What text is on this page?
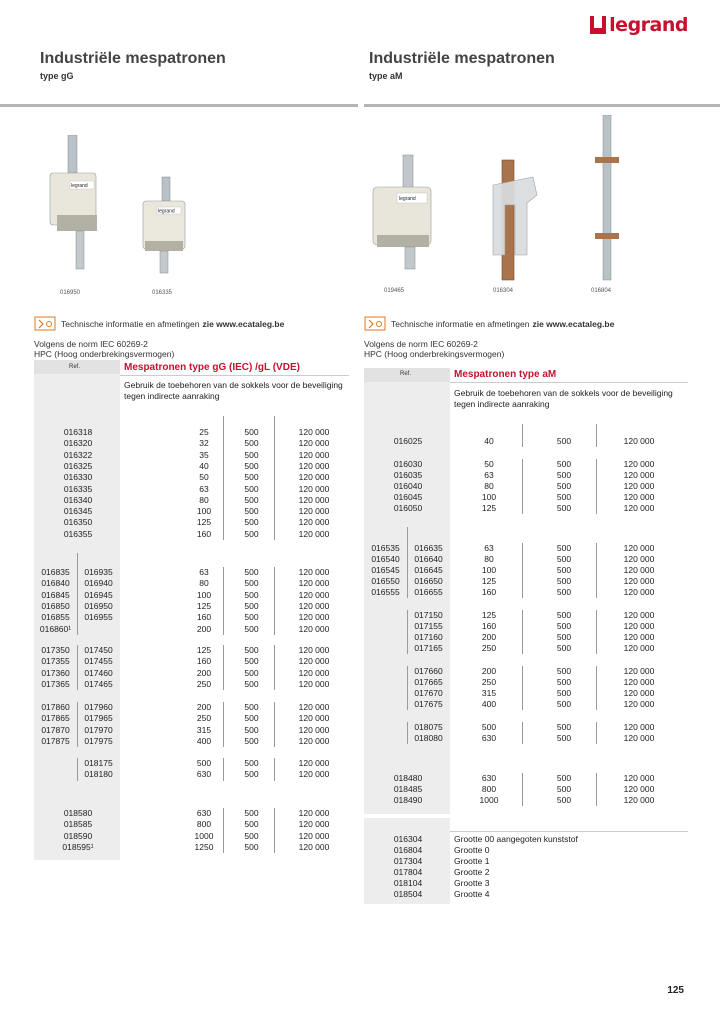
legrand
Industriële mespatronen
type gG
Industriële mespatronen
type aM
legrand
legrand
016950	016335
legrand
019465	016304	016804
Technische informatie en afmetingen zie www.ecataleg.be	Technische informatie en afmetingen zie www.ecataleg.be
Volgens de norm IEC 60269-2
HPC (Hoog onderbrekingsvermogen)
Volgens de norm IEC 60269-2
HPC (Hoog onderbrekingsvermogen)
Ref.	Mespatronen type gG (IEC) /gL (VDE)
Gebruik de toebehoren van de sokkels voor de beveiliging tegen indirecte aanraking
016318	25	500	120 000
016320	32	500	120 000
016322	35	500	120 000
016325	40	500	120 000
016330	50	500	120 000
016335	63	500	120 000
016340	80	500	120 000
016345	100	500	120 000
016350	125	500	120 000
016355	160	500	120 000
016835	016935	63	500	120 000
016840	016940	80	500	120 000
016845	016945	100	500	120 000
016850	016950	125	500	120 000
016855	016955	160	500	120 000
016860¹	200	500	120 000
017350	017450	125	500	120 000
017355	017455	160	500	120 000
017360	017460	200	500	120 000
017365	017465	250	500	120 000
017860	017960	200	500	120 000
017865	017965	250	500	120 000
017870	017970	315	500	120 000
017875	017975	400	500	120 000
018175	500	500	120 000
018180	630	500	120 000
018580	630	500	120 000
018585	800	500	120 000
018590	1000	500	120 000
018595¹	1250	500	120 000
Ref.	Mespatronen type aM
Gebruik de toebehoren van de sokkels voor de beveiliging tegen indirecte aanraking
016025	40	500	120 000
016030	50	500	120 000
016035	63	500	120 000
016040	80	500	120 000
016045	100	500	120 000
016050	125	500	120 000
016535	016635	63	500	120 000
016540	016640	80	500	120 000
016545	016645	100	500	120 000
016550	016650	125	500	120 000
016555	016655	160	500	120 000
017150	125	500	120 000
017155	160	500	120 000
017160	200	500	120 000
017165	250	500	120 000
017660	200	500	120 000
017665	250	500	120 000
017670	315	500	120 000
017675	400	500	120 000
018075	500	500	120 000
018080	630	500	120 000
018480	630	500	120 000
018485	800	500	120 000
018490	1000	500	120 000
016304	Grootte 00 aangegoten kunststof
016804	Grootte 0
017304	Grootte 1
017804	Grootte 2
018104	Grootte 3
018504	Grootte 4
125
